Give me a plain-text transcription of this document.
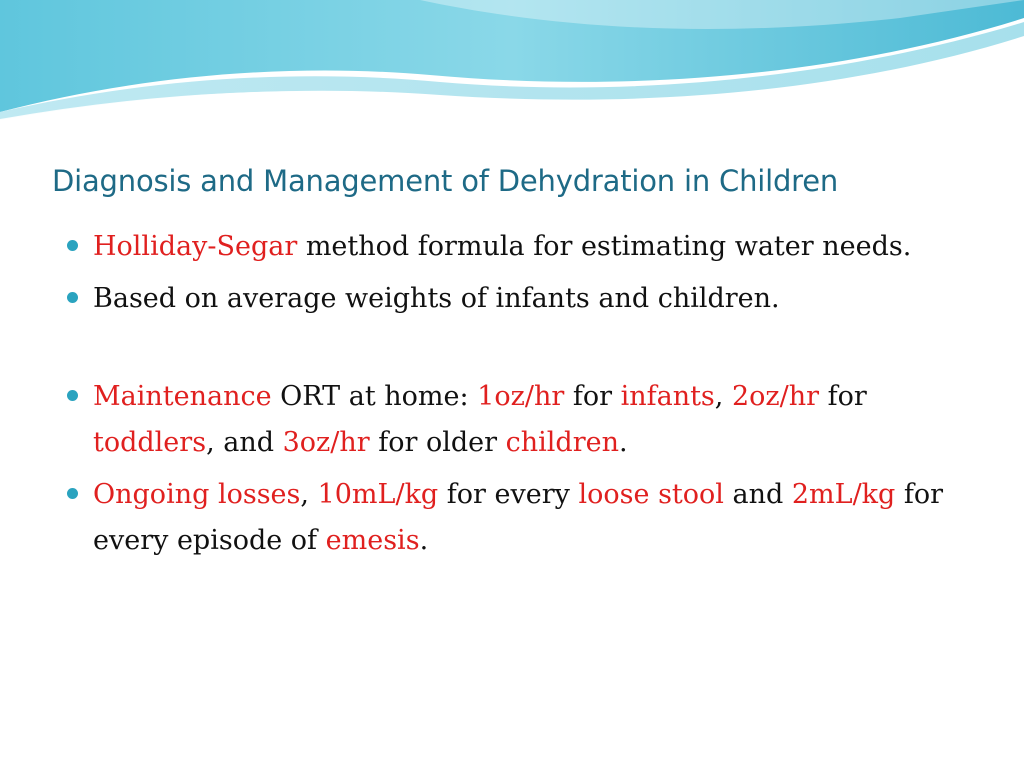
Diagnosis and Management of Dehydration in Children
Holliday-Segar method formula for estimating water needs.
Based on average weights of infants and children.
Maintenance ORT at home: 1oz/hr for infants, 2oz/hr for toddlers, and 3oz/hr for older children.
Ongoing losses, 10mL/kg for every loose stool and 2mL/kg for every episode of emesis.
